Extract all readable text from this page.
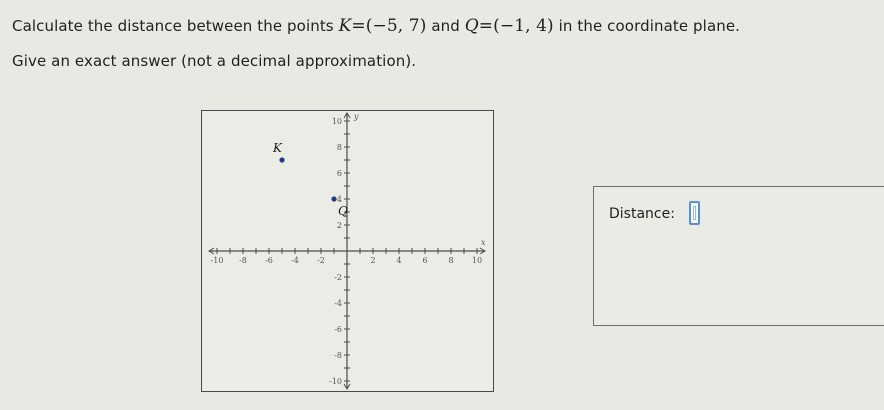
Calculate the distance between the points K=(−5, 7) and Q=(−1, 4) in the coordinate plane.
Give an exact answer (not a decimal approximation).
-10 -8 -6 -4 -2	2	4	6	8 10
10
8
6
4
2
-2
-4
-6
-8
-10
x
y
K
Q	Distance:
